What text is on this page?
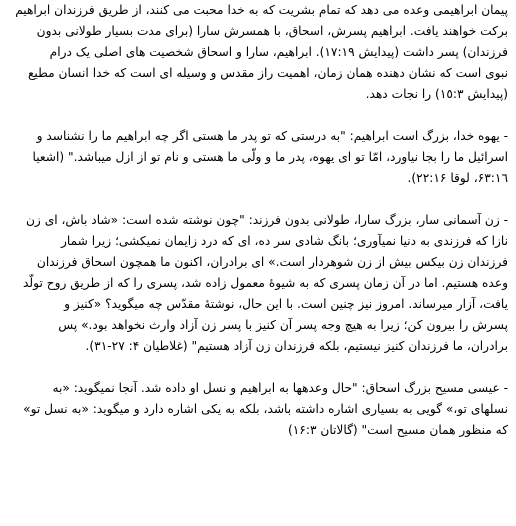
پیمان ابراهیمی وعده می دهد که تمام بشریت که به خدا محبت می کنند، از طریق فرزندان ابراهیم
برکت خواهند یافت. ابراهیم پسرش، اسحاق، با همسرش سارا (برای مدت بسیار طولانی بدون
فرزندان) پسر داشت (پیدایش ١٧:١٩). ابراهیم، سارا و اسحاق شخصیت های اصلی یک درام
نبوی است که نشان دهنده همان زمان، اهمیت راز مقدس و وسیله ای است که خدا انسان مطیع
(پیدایش ١٥:٣) را نجات دهد.
- یهوه خدا، بزرگ است ابراهیم: "به درستی که تو پدر ما هستی اگر چه ابراهیم ما را نشناسد و
اسرائیل ما را بجا نیاورد، امّا تو ای یهوه، پدر ما و ولّی ما هستی و نام تو از ازل میباشد." (اشعیا
١٦:۶٣، لوقا ٢٢:١۶).
- زن آسمانی سار، بزرگ سارا، طولانی بدون فرزند: "چون نوشته شده است: «شاد باش، ای زن
نازا که فرزندی به دنیا نمیآوری؛ بانگ شادی سر ده، ای که درد زایمان نمیکشی؛ زیرا شمار
فرزندان زن بیکس بیش از زن شوهردار است.» ای برادران، اکنون ما همچون اسحاق فرزندان
وعده هستیم. اما در آن زمان پسری که به شیوهٔ معمول زاده شد، پسری را که از طریق روح تولّد
یافت، آزار میرساند. امروز نیز چنین است. با این حال، نوشتهٔ مقدّس چه میگوید؟ «کنیز و
پسرش را بیرون کن؛ زیرا به هیچ وجه پسر آن کنیز با پسر زن آزاد وارث نخواهد بود.» پس
برادران، ما فرزندان کنیز نیستیم، بلکه فرزندان زن آزاد هستیم" (غلاطیان ۴: ٢٧-٣١).
- عیسی مسیح بزرگ اسحاق: "حال وعدهها به ابراهیم و نسل او داده شد. آنجا نمیگوید: «به
نسلهای تو،» گویی به بسیاری اشاره داشته باشد، بلکه به یکی اشاره دارد و میگوید: «به نسل تو»
که منظور همان مسیح است" (گالاتان ١۶:٣)
